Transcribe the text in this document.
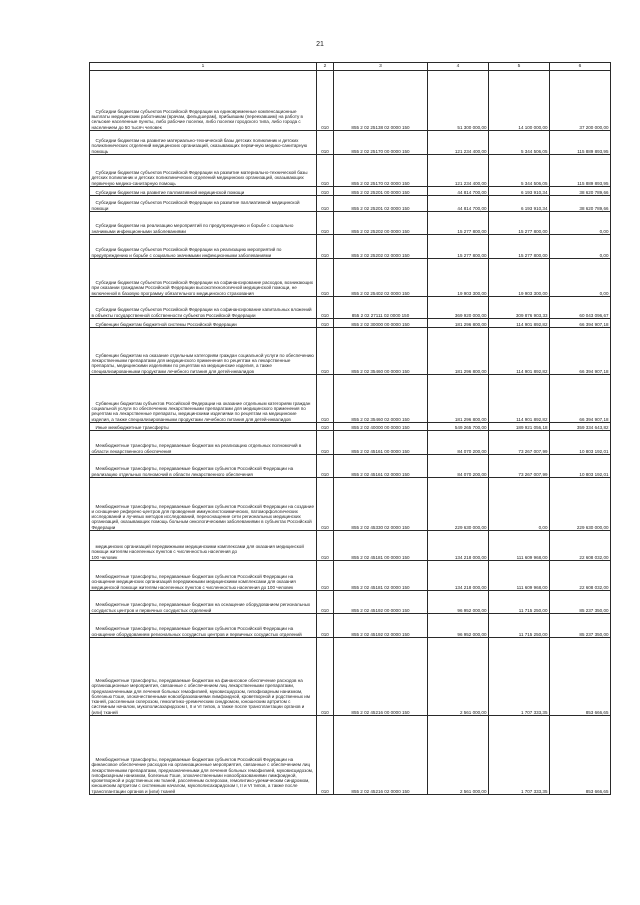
21
1	2	3	4	5	6
Субсидии бюджетам субъектов Российской Федерации на единовременные компенсационные выплаты медицинским работникам (врачам, фельдшерам), прибывшим (переехавшим) на работу в сельские населенные пункты, либо рабочие поселки, либо поселки городского типа, либо города с населением до 50 тысяч человек	010	855 2 02 25138 02 0000 150	51 300 000,00	14 100 000,00	37 200 000,00
Субсидии бюджетам на развитие материально-технической базы детских поликлиник и детских поликлинических отделений медицинских организаций, оказывающих первичную медико-санитарную помощь	010	855 2 02 25170 00 0000 150	121 234 400,00	5 344 506,05	115 889 893,95
Субсидии бюджетам субъектов Российской Федерации на развитие материально-технической базы детских поликлиник и детских поликлинических отделений медицинских организаций, оказывающих первичную медико-санитарную помощь	010	855 2 02 25170 02 0000 150	121 234 400,00	5 344 506,05	115 889 893,95
Субсидии бюджетам на развитие паллиативной медицинской помощи	010	855 2 02 25201 00 0000 150	44 814 700,00	6 193 910,34	38 620 789,66
Субсидии бюджетам субъектов Российской Федерации на развитие паллиативной медицинской помощи	010	855 2 02 25201 02 0000 150	44 814 700,00	6 193 910,34	38 620 789,66
Субсидии бюджетам на реализацию мероприятий по предупреждению и борьбе с социально значимыми инфекционными заболеваниями	010	855 2 02 25202 00 0000 150	15 277 800,00	15 277 800,00	0,00
Субсидии бюджетам субъектов Российской Федерации на реализацию мероприятий по предупреждению и борьбе с социально значимыми инфекционными заболеваниями	010	855 2 02 25202 02 0000 150	15 277 800,00	15 277 800,00	0,00
Субсидии бюджетам субъектов Российской Федерации на софинансирование расходов, возникающих при оказании гражданам Российской Федерации высокотехнологичной медицинской помощи, не включенной в базовую программу обязательного медицинского страхования	010	855 2 02 25402 02 0000 150	19 903 300,00	19 903 300,00	0,00
Субсидии бюджетам субъектов Российской Федерации на софинансирование капитальных вложений в объекты государственной собственности субъектов Российской Федерации	010	855 2 02 27111 02 0000 150	369 920 000,00	309 876 903,33	60 043 096,67
Субвенции бюджетам бюджетной системы Российской Федерации	010	855 2 02 30000 00 0000 150	181 296 800,00	114 901 892,82	66 394 907,18
Субвенции бюджетам на оказание отдельным категориям граждан социальной услуги по обеспечению лекарственными препаратами для медицинского применения по рецептам на лекарственные препараты, медицинскими изделиями по рецептам на медицинские изделия, а также специализированными продуктами лечебного питания для детей-инвалидов	010	855 2 02 35460 00 0000 150	181 296 800,00	114 901 892,82	66 394 907,18
Субвенции бюджетам субъектов Российской Федерации на оказание отдельным категориям граждан социальной услуги по обеспечению лекарственными препаратами для медицинского применения по рецептам на лекарственные препараты, медицинскими изделиями по рецептам на медицинские изделия, а также специализированными продуктами лечебного питания для детей-инвалидов	010	855 2 02 35460 02 0000 150	181 296 800,00	114 901 892,82	66 394 907,18
Иные межбюджетные трансферты	010	855 2 02 40000 00 0000 150	549 265 700,00	189 921 056,18	359 334 643,82
Межбюджетные трансферты, передаваемые бюджетам на реализацию отдельных полномочий в области лекарственного обеспечения	010	855 2 02 45161 00 0000 150	84 070 200,00	73 267 007,99	10 803 192,01
Межбюджетные трансферты, передаваемые бюджетам субъектов Российской Федерации на реализацию отдельных полномочий в области лекарственного обеспечения	010	855 2 02 45161 02 0000 150	84 070 200,00	73 267 007,99	10 803 192,01
Межбюджетные трансферты, передаваемые бюджетам субъектов Российской Федерации на создание и оснащение референс-центров для проведения иммуногистохимических, патоморфологических исследований и лучевых методов исследований, переоснащение сети региональных медицинских организаций, оказывающих помощь больным онкологическими заболеваниями в субъектах Российской Федерации	010	855 2 02 45330 02 0000 150	229 630 000,00	0,00	229 630 000,00
медицинских организаций передвижными медицинскими комплексами для оказания медицинской помощи жителям населенных пунктов с численностью населения до
100 человек	010	855 2 02 45181 00 0000 150	134 218 000,00	111 609 968,00	22 608 032,00
Межбюджетные трансферты, передаваемые бюджетам субъектов Российской Федерации на оснащение медицинских организаций передвижными медицинскими комплексами для оказания медицинской помощи жителям населенных пунктов с численностью населения до 100 человек	010	855 2 02 45181 02 0000 150	134 218 000,00	111 609 968,00	22 608 032,00
Межбюджетные трансферты, передаваемые бюджетам на оснащение оборудованием региональных сосудистых центров и первичных сосудистых отделений	010	855 2 02 45192 00 0000 150	96 952 000,00	11 715 250,00	85 237 350,00
Межбюджетные трансферты, передаваемые бюджетам субъектов Российской Федерации на оснащение оборудованием региональных сосудистых центров и первичных сосудистых отделений	010	855 2 02 45192 02 0000 150	96 952 000,00	11 715 250,00	85 237 350,00
Межбюджетные трансферты, передаваемые бюджетам на финансовое обеспечение расходов на организационные мероприятия, связанные с обеспечением лиц лекарственными препаратами, предназначенными для лечения больных гемофилией, муковисцидозом, гипофизарным нанизмом, болезнью Гоше, злокачественными новообразованиями лимфоидной, кроветворной и родственных им тканей, рассеянным склерозом, гемолитико-уремическим синдромом, юношеским артритом с системным началом, мукополисахаридозом I, II и VI типов, а также после трансплантации органов и (или) тканей	010	855 2 02 45216 00 0000 150	2 561 000,00	1 707 333,35	853 666,65
Межбюджетные трансферты, передаваемые бюджетам субъектов Российской Федерации на финансовое обеспечение расходов на организационные мероприятия, связанные с обеспечением лиц лекарственными препаратами, предназначенными для лечения больных гемофилией, муковисцидозом, гипофизарным нанизмом, болезнью Гоше, злокачественными новообразованиями лимфоидной, кроветворной и родственных им тканей, рассеянным склерозом, гемолитико-уремическим синдромом, юношеским артритом с системным началом, мукополисахаридозом I, II и VI типов, а также после трансплантации органов и (или) тканей	010	855 2 02 45216 02 0000 150	2 561 000,00	1 707 333,35	853 666,65
